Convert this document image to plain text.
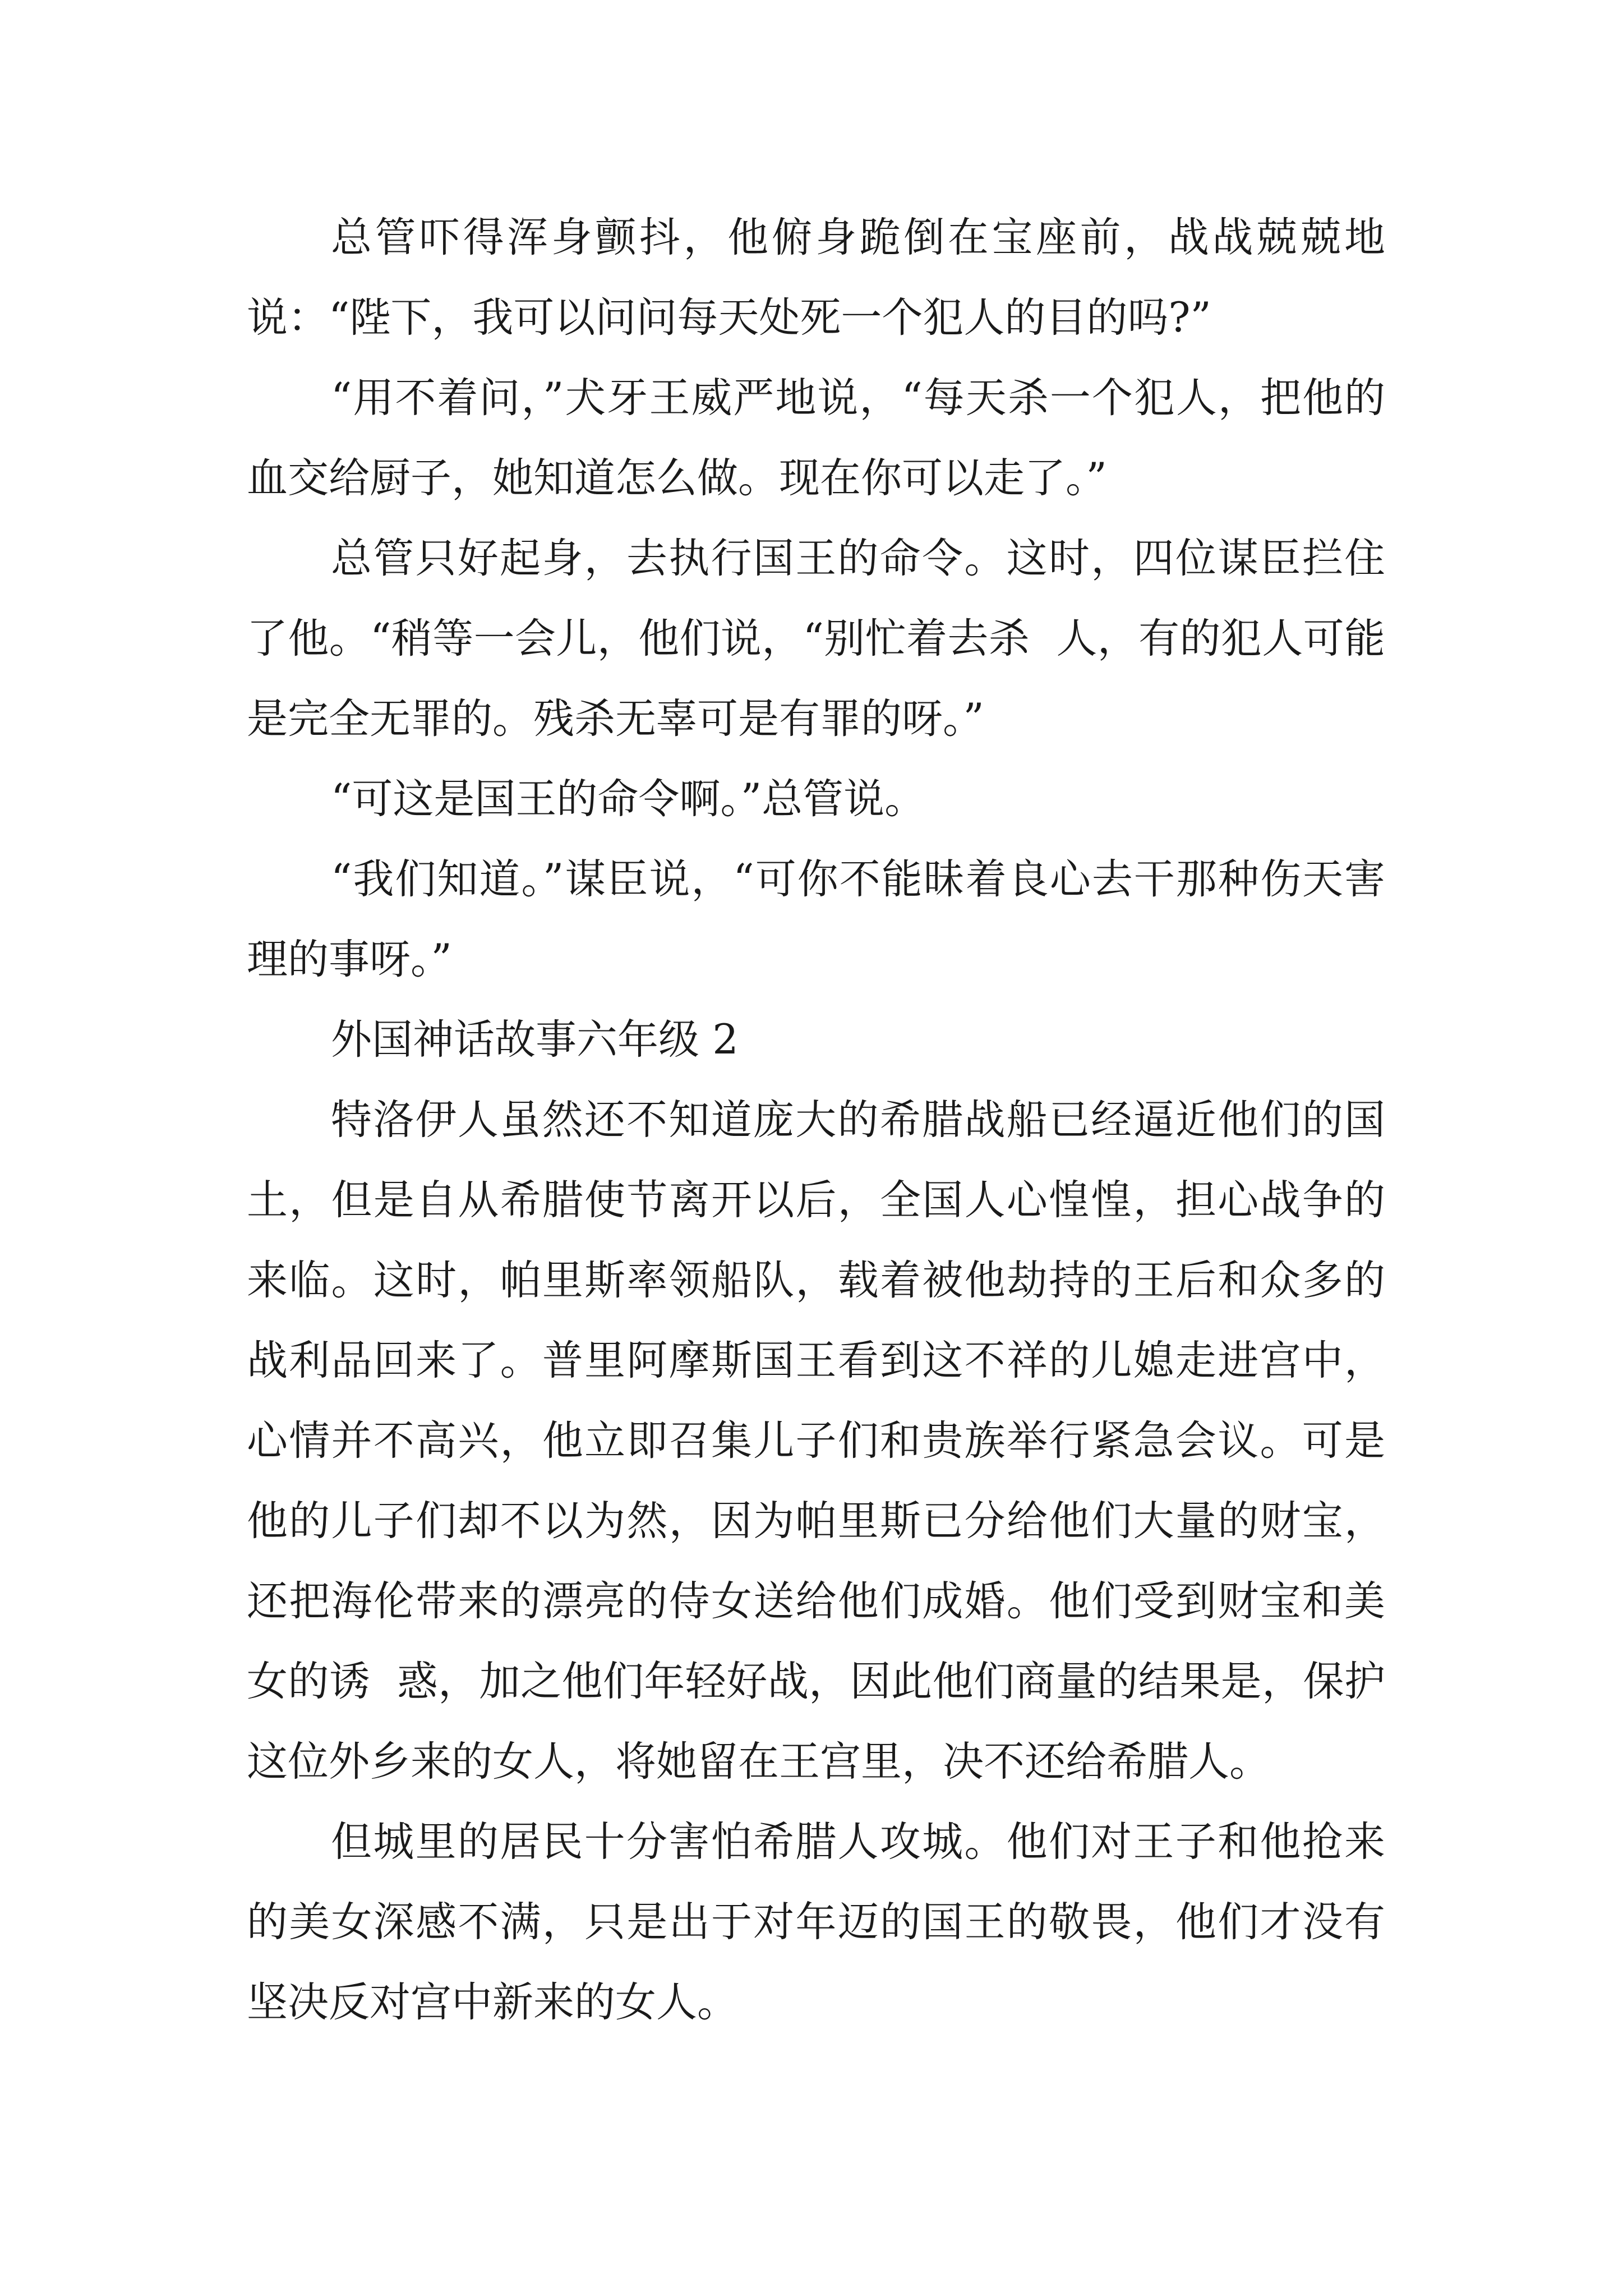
总管吓得浑身颤抖，他俯身跪倒在宝座前，战战兢兢地说：“陛下，我可以问问每天处死一个犯人的目的吗?”

“用不着问，”犬牙王威严地说，“每天杀一个犯人，把他的血交给厨子，她知道怎么做。现在你可以走了。”

总管只好起身，去执行国王的命令。这时，四位谋臣拦住了他。“稍等一会儿，他们说，“别忙着去杀  人，有的犯人可能是完全无罪的。残杀无辜可是有罪的呀。”

“可这是国王的命令啊。”总管说。

“我们知道。”谋臣说，“可你不能昧着良心去干那种伤天害理的事呀。”

外国神话故事六年级 2

特洛伊人虽然还不知道庞大的希腊战船已经逼近他们的国土，但是自从希腊使节离开以后，全国人心惶惶，担心战争的来临。这时，帕里斯率领船队，载着被他劫持的王后和众多的战利品回来了。普里阿摩斯国王看到这不祥的儿媳走进宫中，心情并不高兴，他立即召集儿子们和贵族举行紧急会议。可是他的儿子们却不以为然，因为帕里斯已分给他们大量的财宝，还把海伦带来的漂亮的侍女送给他们成婚。他们受到财宝和美女的诱  惑，加之他们年轻好战，因此他们商量的结果是，保护这位外乡来的女人，将她留在王宫里，决不还给希腊人。

但城里的居民十分害怕希腊人攻城。他们对王子和他抢来的美女深感不满，只是出于对年迈的国王的敬畏，他们才没有坚决反对宫中新来的女人。
